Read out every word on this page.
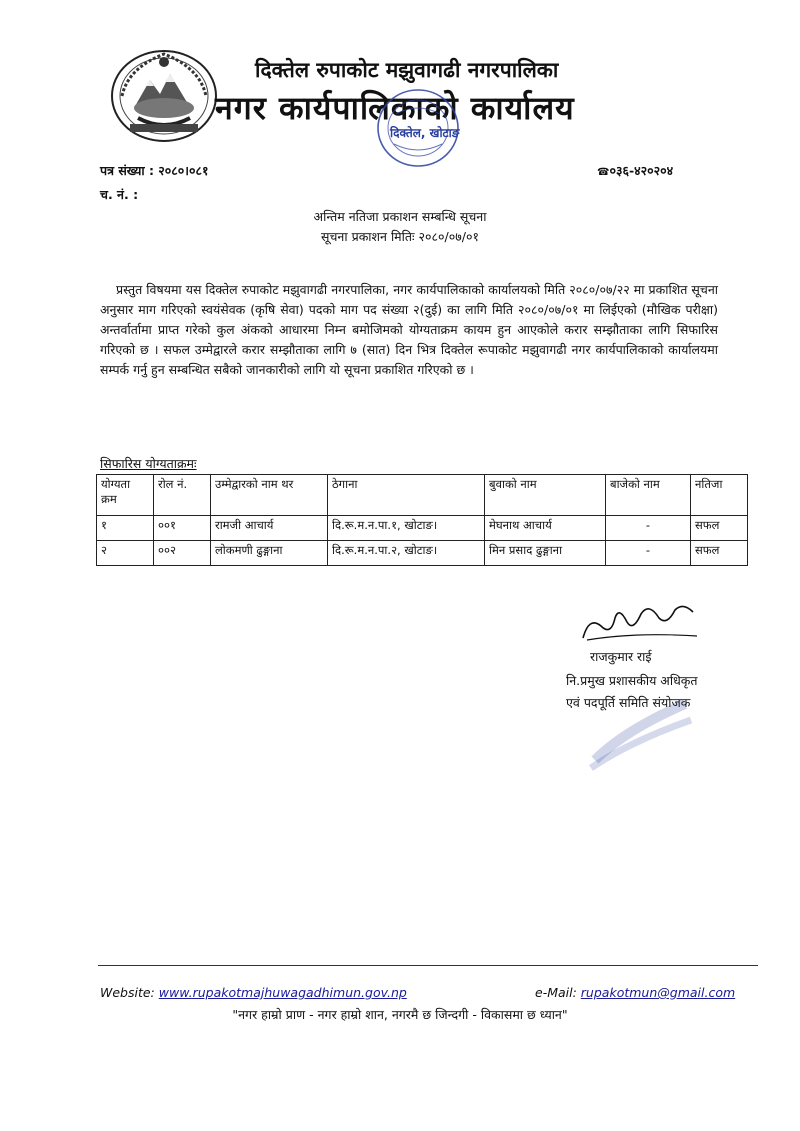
दिक्तेल रुपाकोट मझुवागढी नगरपालिका
नगर कार्यपालिकाको कार्यालय
दिक्तेल, खोटाङ
पत्र संख्या : २०८०।०८१
च. नं. :
☎०३६-४२०२०४
अन्तिम नतिजा प्रकाशन सम्बन्धि सूचना
सूचना प्रकाशन मितिः २०८०/०७/०१
प्रस्तुत विषयमा यस दिक्तेल रुपाकोट मझुवागढी नगरपालिका, नगर कार्यपालिकाको कार्यालयको मिति २०८०/०७/२२ मा प्रकाशित सूचना अनुसार माग गरिएको स्वयंसेवक (कृषि सेवा) पदको माग पद संख्या २(दुई) का लागि मिति २०८०/०७/०१ मा लिईएको (मौखिक परीक्षा) अन्तर्वार्तामा प्राप्त गरेको कुल अंकको आधारमा निम्न बमोजिमको योग्यताक्रम कायम हुन आएकोले करार सम्झौताका लागि सिफारिस गरिएको छ । सफल उम्मेद्वारले करार सम्झौताका लागि ७ (सात) दिन भित्र दिक्तेल रूपाकोट मझुवागढी नगर कार्यपालिकाको कार्यालयमा सम्पर्क गर्नु हुन सम्बन्धित सबैको जानकारीको लागि यो सूचना प्रकाशित गरिएको छ ।
सिफारिस योग्यताक्रमः
योग्यता क्रम	रोल नं.	उम्मेद्वारको नाम थर	ठेगाना	बुवाको नाम	बाजेको नाम	नतिजा
१	००१	रामजी आचार्य	दि.रू.म.न.पा.१, खोटाङ।	मेघनाथ आचार्य	-	सफल
२	००२	लोकमणी ढुङ्गाना	दि.रू.म.न.पा.२, खोटाङ।	मिन प्रसाद ढुङ्गाना	-	सफल
राजकुमार राई
नि.प्रमुख प्रशासकीय अधिकृत
एवं पदपूर्ति समिति संयोजक
Website: www.rupakotmajhuwagadhimun.gov.np	e-Mail: rupakotmun@gmail.com
"नगर हाम्रो प्राण - नगर हाम्रो शान, नगरमै छ जिन्दगी - विकासमा छ ध्यान"
